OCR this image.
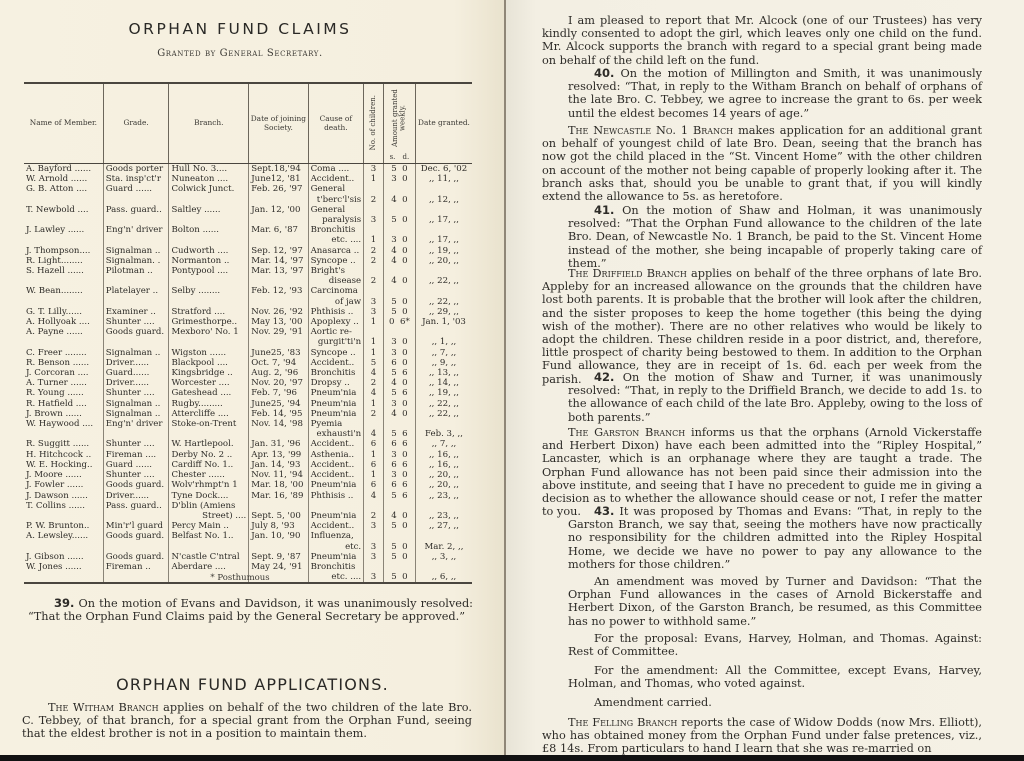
ORPHAN FUND CLAIMS
Granted by General Secretary.
Name of Member.	Grade.	Branch.	Date of joining Society.	Cause of death.	No. of children.	Amount granted weekly.
s. d.	Date granted.
A. Bayford ......	Goods porter	Hull No. 3....	Sept.18,'94	Coma ....	3	5 0	Dec. 6, '02
W. Arnold ......	Sta. insp'ct'r	Nuneaton ....	June12, '81	Accident..	1	3 0	,, 11, ,,
G. B. Atton ....	Guard ......	Colwick Junct.	Feb. 26, '97	General			
				t'berc'l'sis	2	4 0	,, 12, ,,
T. Newbold ....	Pass. guard..	Saltley ......	Jan. 12, '00	General			
				paralysis	3	5 0	,, 17, ,,
J. Lawley ......	Eng'n' driver	Bolton ......	Mar. 6, '87	Bronchitis			
				etc. ....	1	3 0	,, 17, ,,
J. Thompson....	Signalman ..	Cudworth ....	Sep. 12, '97	Anasarca ..	2	4 0	,, 19, ,,
R. Light........	Signalman. .	Normanton ..	Mar. 14, '97	Syncope ..	2	4 0	,, 20, ,,
S. Hazell ......	Pilotman ..	Pontypool ....	Mar. 13, '97	Bright's			
				disease	2	4 0	,, 22, ,,
W. Bean........	Platelayer ..	Selby ........	Feb. 12, '93	Carcinoma			
				of jaw	3	5 0	,, 22, ,,
G. T. Lilly......	Examiner ..	Stratford ....	Nov. 26, '92	Phthisis ..	3	5 0	,, 29, ,,
A. Hollyoak ....	Shunter ....	Grimesthorpe..	May 13, '00	Apoplexy ..	1	0 6*	Jan. 1, '03
A. Payne ......	Goods guard.	Mexboro' No. 1	Nov. 29, '91	Aortic re-			
				gurgit'ti'n	1	3 0	,, 1, ,,
C. Freer ........	Signalman ..	Wigston ......	June25, '83	Syncope ..	1	3 0	,, 7, ,,
R. Benson ......	Driver......	Blackpool ....	Oct. 7, '94	Accident..	5	6 0	,, 9, ,,
J. Corcoran ....	Guard......	Kingsbridge ..	Aug. 2, '96	Bronchitis	4	5 6	,, 13, ,,
A. Turner ......	Driver......	Worcester ....	Nov. 20, '97	Dropsy ..	2	4 0	,, 14, ,,
R. Young ......	Shunter ....	Gateshead ....	Feb. 7, '96	Pneum'nia	4	5 6	,, 19, ,,
R. Hatfield ....	Signalman ..	Rugby.........	June25, '94	Pneum'nia	1	3 0	,, 22, ,,
J. Brown ......	Signalman ..	Attercliffe ....	Feb. 14, '95	Pneum'nia	2	4 0	,, 22, ,,
W. Haywood ....	Eng'n' driver	Stoke-on-Trent	Nov. 14, '98	Pyemia			
				exhausti'n	4	5 6	Feb. 3, ,,
R. Suggitt ......	Shunter ....	W. Hartlepool.	Jan. 31, '96	Accident..	6	6 6	,, 7, ,,
H. Hitchcock ..	Fireman ....	Derby No. 2 ..	Apr. 13, '99	Asthenia..	1	3 0	,, 16, ,,
W. E. Hocking..	Guard ......	Cardiff No. 1..	Jan. 14, '93	Accident..	6	6 6	,, 16, ,,
J. Moore ......	Shunter ....	Chester ......	Nov. 11, '94	Accident..	1	3 0	,, 20, ,,
J. Fowler ......	Goods guard.	Wolv'rhmpt'n 1	Mar. 18, '00	Pneum'nia	6	6 6	,, 20, ,,
J. Dawson ......	Driver......	Tyne Dock....	Mar. 16, '89	Phthisis ..	4	5 6	,, 23, ,,
T. Collins ......	Pass. guard..	D'blin (Amiens					
		Street) ....	Sept. 5, '00	Pneum'nia	2	4 0	,, 23, ,,
P. W. Brunton..	Min'r'l guard	Percy Main ..	July 8, '93	Accident..	3	5 0	,, 27, ,,
A. Lewsley......	Goods guard.	Belfast No. 1..	Jan. 10, '90	Influenza,			
				etc.	3	5 0	Mar. 2, ,,
J. Gibson ......	Goods guard.	N'castle C'ntral	Sept. 9, '87	Pneum'nia	3	5 0	,, 3, ,,
W. Jones ......	Fireman ..	Aberdare ....	May 24, '91	Bronchitis			
				etc. ....	3	5 0	,, 6, ,,
* Posthumous
39. On the motion of Evans and Davidson, it was unanimously resolved: “That the Orphan Fund Claims paid by the General Secretary be approved.”
ORPHAN FUND APPLICATIONS.
The Witham Branch applies on behalf of the two children of the late Bro. C. Tebbey, of that branch, for a special grant from the Orphan Fund, seeing that the eldest brother is not in a position to maintain them.
I am pleased to report that Mr. Alcock (one of our Trustees) has very kindly consented to adopt the girl, which leaves only one child on the fund. Mr. Alcock supports the branch with regard to a special grant being made on behalf of the child left on the fund.
40. On the motion of Millington and Smith, it was unanimously resolved: “That, in reply to the Witham Branch on behalf of orphans of the late Bro. C. Tebbey, we agree to increase the grant to 6s. per week until the eldest becomes 14 years of age.”
The Newcastle No. 1 Branch makes application for an additional grant on behalf of youngest child of late Bro. Dean, seeing that the branch has now got the child placed in the “St. Vincent Home” with the other children on account of the mother not being capable of properly looking after it. The branch asks that, should you be unable to grant that, if you will kindly extend the allowance to 5s. as heretofore.
41. On the motion of Shaw and Holman, it was unanimously resolved: “That the Orphan Fund allowance to the children of the late Bro. Dean, of Newcastle No. 1 Branch, be paid to the St. Vincent Home instead of the mother, she being incapable of properly taking care of them.”
The Driffield Branch applies on behalf of the three orphans of late Bro. Appleby for an increased allowance on the grounds that the children have lost both parents. It is probable that the brother will look after the children, and the sister proposes to keep the home together (this being the dying wish of the mother). There are no other relatives who would be likely to adopt the children. These children reside in a poor district, and, therefore, little prospect of charity being bestowed to them. In addition to the Orphan Fund allowance, they are in receipt of 1s. 6d. each per week from the parish.	42. On the motion of Shaw and Turner, it was unanimously resolved: “That, in reply to the Driffield Branch, we decide to add 1s. to the allowance of each child of the late Bro. Appleby, owing to the loss of both parents.”
The Garston Branch informs us that the orphans (Arnold Vickerstaffe and Herbert Dixon) have each been admitted into the “Ripley Hospital,” Lancaster, which is an orphanage where they are taught a trade. The Orphan Fund allowance has not been paid since their admission into the above institute, and seeing that I have no precedent to guide me in giving a decision as to whether the allowance should cease or not, I refer the matter to you.	43. It was proposed by Thomas and Evans: “That, in reply to the Garston Branch, we say that, seeing the mothers have now practically no responsibility for the children admitted into the Ripley Hospital Home, we decide we have no power to pay any allowance to the mothers for those children.”
An amendment was moved by Turner and Davidson: “That the Orphan Fund allowances in the cases of Arnold Bickerstaffe and Herbert Dixon, of the Garston Branch, be resumed, as this Committee has no power to withhold same.”
For the proposal: Evans, Harvey, Holman, and Thomas. Against: Rest of Committee.
For the amendment: All the Committee, except Evans, Harvey, Holman, and Thomas, who voted against.
Amendment carried.
The Felling Branch reports the case of Widow Dodds (now Mrs. Elliott), who has obtained money from the Orphan Fund under false pretences, viz., £8 14s. From particulars to hand I learn that she was re-married on
